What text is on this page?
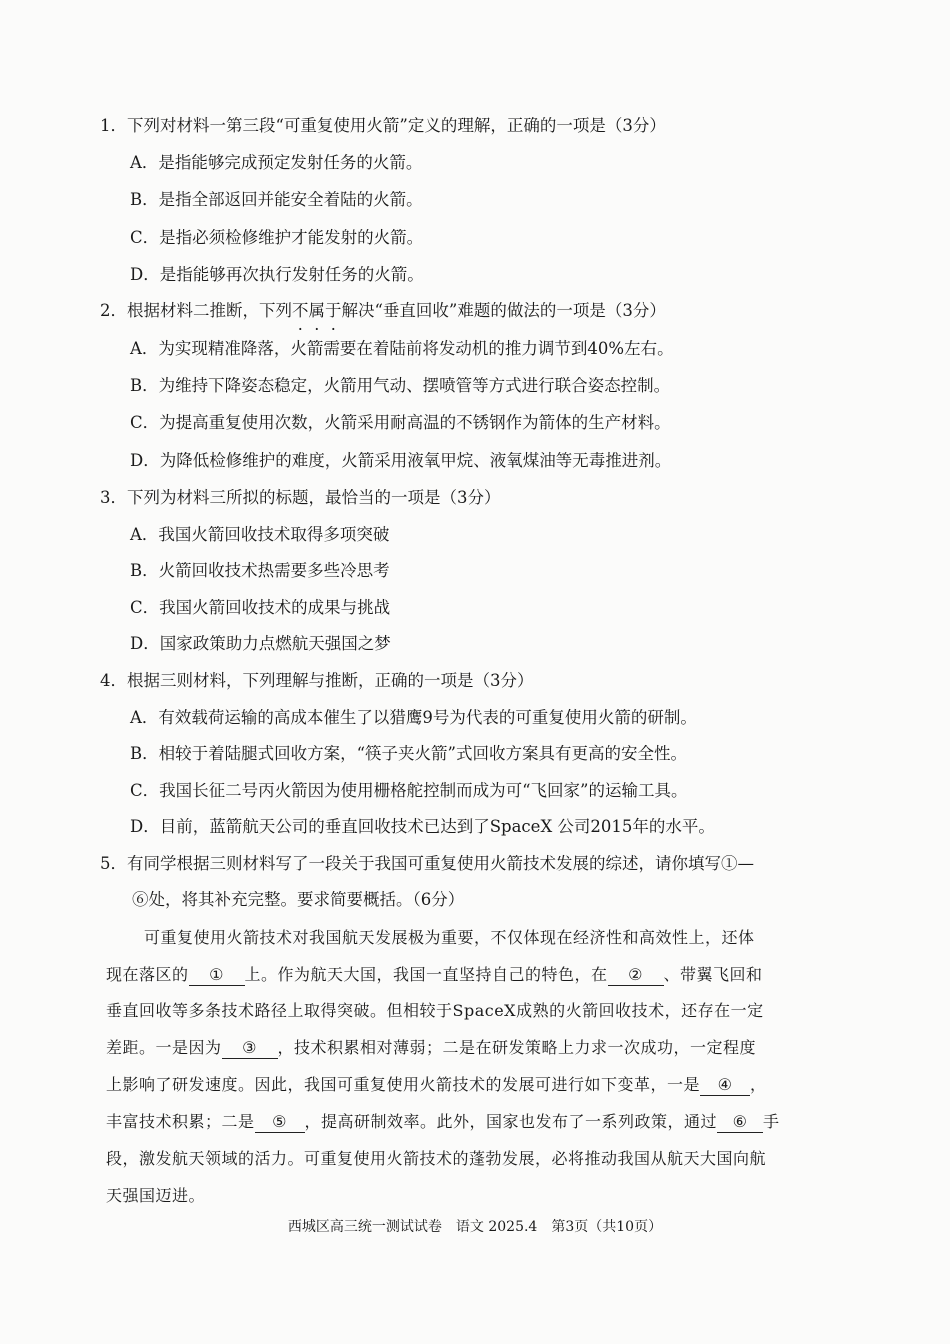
1．下列对材料一第三段“可重复使用火箭”定义的理解，正确的一项是（3分）
A．是指能够完成预定发射任务的火箭。
B．是指全部返回并能安全着陆的火箭。
C．是指必须检修维护才能发射的火箭。
D．是指能够再次执行发射任务的火箭。
2．根据材料二推断，下列不属于解决“垂直回收”难题的做法的一项是（3分）
A．为实现精准降落，火箭需要在着陆前将发动机的推力调节到40%左右。
B．为维持下降姿态稳定，火箭用气动、摆喷管等方式进行联合姿态控制。
C．为提高重复使用次数，火箭采用耐高温的不锈钢作为箭体的生产材料。
D．为降低检修维护的难度，火箭采用液氧甲烷、液氧煤油等无毒推进剂。
3．下列为材料三所拟的标题，最恰当的一项是（3分）
A．我国火箭回收技术取得多项突破
B．火箭回收技术热需要多些冷思考
C．我国火箭回收技术的成果与挑战
D．国家政策助力点燃航天强国之梦
4．根据三则材料，下列理解与推断，正确的一项是（3分）
A．有效载荷运输的高成本催生了以猎鹰9号为代表的可重复使用火箭的研制。
B．相较于着陆腿式回收方案，“筷子夹火箭”式回收方案具有更高的安全性。
C．我国长征二号丙火箭因为使用栅格舵控制而成为可“飞回家”的运输工具。
D．目前，蓝箭航天公司的垂直回收技术已达到了SpaceX 公司2015年的水平。
5．有同学根据三则材料写了一段关于我国可重复使用火箭技术发展的综述，请你填写①—
⑥处，将其补充完整。要求简要概括。（6分）
可重复使用火箭技术对我国航天发展极为重要，不仅体现在经济性和高效性上，还体
现在落区的 ① 上。作为航天大国，我国一直坚持自己的特色，在 ② 、带翼飞回和
垂直回收等多条技术路径上取得突破。但相较于SpaceX成熟的火箭回收技术，还存在一定
差距。一是因为 ③ ，技术积累相对薄弱；二是在研发策略上力求一次成功，一定程度
上影响了研发速度。因此，我国可重复使用火箭技术的发展可进行如下变革，一是 ④ ，
丰富技术积累；二是 ⑤ ，提高研制效率。此外，国家也发布了一系列政策，通过 ⑥ 手
段，激发航天领域的活力。可重复使用火箭技术的蓬勃发展，必将推动我国从航天大国向航
天强国迈进。
西城区高三统一测试试卷　语文 2025.4　第3页（共10页）
